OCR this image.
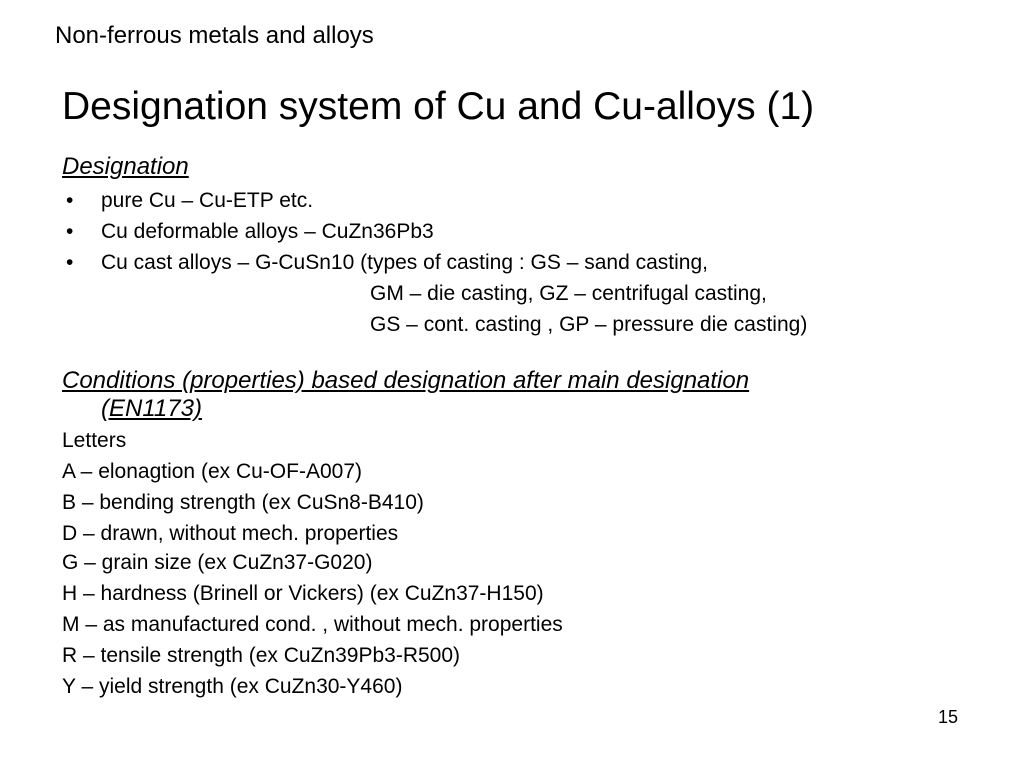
Non-ferrous metals and alloys
Designation system of Cu and Cu-alloys (1)
Designation
• pure Cu – Cu-ETP etc.
• Cu deformable alloys – CuZn36Pb3
• Cu cast alloys – G-CuSn10 (types of casting : GS – sand casting,
GM – die casting, GZ – centrifugal casting,
GS – cont. casting , GP – pressure die casting)
Conditions (properties) based designation after main designation
(EN1173)
Letters
A – elonagtion (ex Cu-OF-A007)
B – bending strength (ex CuSn8-B410)
D – drawn, without mech. properties
G – grain size (ex CuZn37-G020)
H – hardness (Brinell or Vickers) (ex CuZn37-H150)
M – as manufactured cond. , without mech. properties
R – tensile strength (ex CuZn39Pb3-R500)
Y – yield strength (ex CuZn30-Y460)
15
